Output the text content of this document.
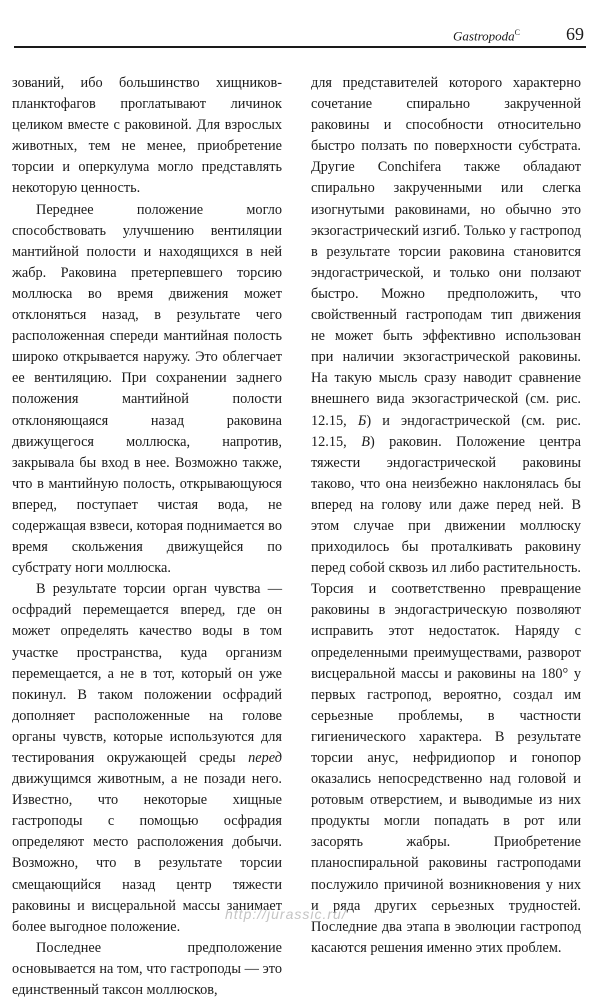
Gastropoda$^C$	69

зований, ибо большинство хищников-планктофагов проглатывают личинок целиком вместе с раковиной. Для взрослых животных, тем не менее, приобретение торсии и оперкулума могло представлять некоторую ценность.

Переднее положение могло способствовать улучшению вентиляции мантийной полости и находящихся в ней жабр. Раковина претерпевшего торсию моллюска во время движения может отклоняться назад, в результате чего расположенная спереди мантийная полость широко открывается наружу. Это облегчает ее вентиляцию. При сохранении заднего положения мантийной полости отклоняющаяся назад раковина движущегося моллюска, напротив, закрывала бы вход в нее. Возможно также, что в мантийную полость, открывающуюся вперед, поступает чистая вода, не содержащая взвеси, которая поднимается во время скольжения движущейся по субстрату ноги моллюска.

В результате торсии орган чувства — осфрадий перемещается вперед, где он может определять качество воды в том участке пространства, куда организм перемещается, а не в тот, который он уже покинул. В таком положении осфрадий дополняет расположенные на голове органы чувств, которые используются для тестирования окружающей среды перед движущимся животным, а не позади него. Известно, что некоторые хищные гастроподы с помощью осфрадия определяют место расположения добычи. Возможно, что в результате торсии смещающийся назад центр тяжести раковины и висцеральной массы занимает более выгодное положение.

Последнее предположение основывается на том, что гастроподы — это единственный таксон моллюсков,

для представителей которого характерно сочетание спирально закрученной раковины и способности относительно быстро ползать по поверхности субстрата. Другие Conchifera также обладают спирально закрученными или слегка изогнутыми раковинами, но обычно это экзогастрический изгиб. Только у гастропод в результате торсии раковина становится эндогастрической, и только они ползают быстро. Можно предположить, что свойственный гастроподам тип движения не может быть эффективно использован при наличии экзогастрической раковины. На такую мысль сразу наводит сравнение внешнего вида экзогастрической (см. рис. 12.15, Б) и эндогастрической (см. рис. 12.15, В) раковин. Положение центра тяжести эндогастрической раковины таково, что она неизбежно наклонялась бы вперед на голову или даже перед ней. В этом случае при движении моллюску приходилось бы проталкивать раковину перед собой сквозь ил либо растительность. Торсия и соответственно превращение раковины в эндогастрическую позволяют исправить этот недостаток. Наряду с определенными преимуществами, разворот висцеральной массы и раковины на 180° у первых гастропод, вероятно, создал им серьезные проблемы, в частности гигиенического характера. В результате торсии анус, нефридиопор и гонопор оказались непосредственно над головой и ротовым отверстием, и выводимые из них продукты могли попадать в рот или засорять жабры. Приобретение планоспиральной раковины гастроподами послужило причиной возникновения у них и ряда других серьезных трудностей. Последние два этапа в эволюции гастропод касаются решения именно этих проблем.

http://jurassic.ru/
